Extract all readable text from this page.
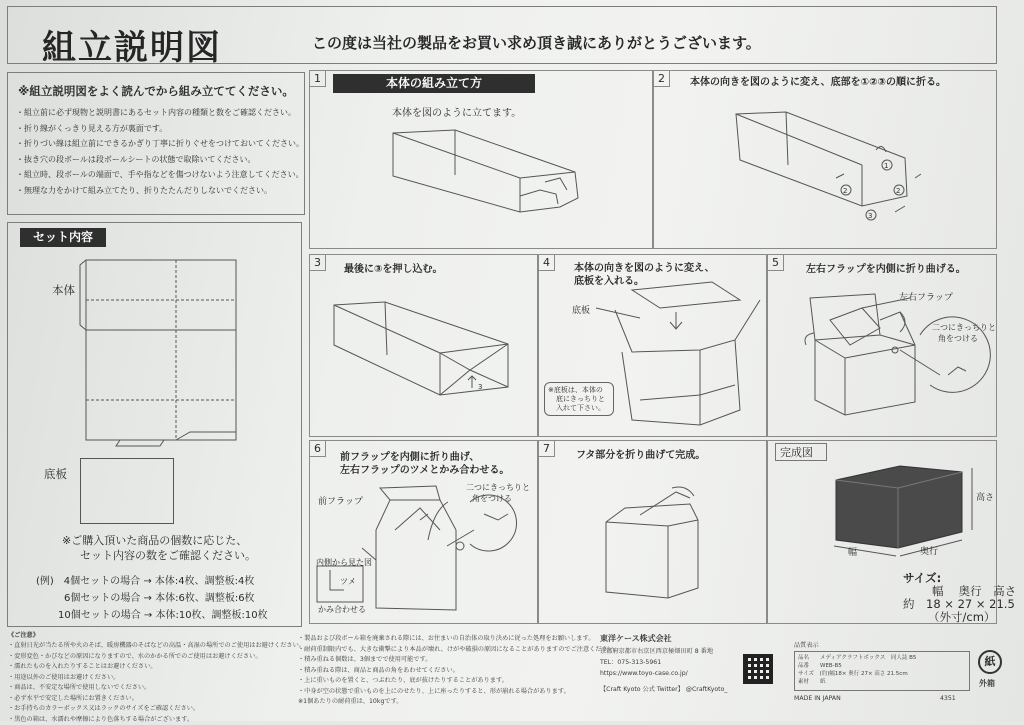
組立説明図	この度は当社の製品をお買い求め頂き誠にありがとうございます。
※組立説明図をよく読んでから組み立ててください。
・組立前に必ず現物と説明書にあるセット内容の種類と数をご確認ください。
・折り線がくっきり見える方が裏面です。
・折りづい線は組立前にできるかぎり丁寧に折りぐせをつけておいてください。
・抜き穴の段ボールは段ボールシートの状態で取除いてください。
・組立時、段ボールの端面で、手や指などを傷つけないよう注意してください。
・無理な力をかけて組み立てたり、折りたたんだりしないでください。
セット内容
本体
底板
※ご購入頂いた商品の個数に応じた、
セット内容の数をご確認ください。
(例)　4個セットの場合 → 本体:4枚、調整板:4枚
6個セットの場合 → 本体:6枚、調整板:6枚
10個セットの場合 → 本体:10枚、調整板:10枚
1	本体の組み立て方
本体を図のように立てます。
2	本体の向きを図のように変え、底部を①②③の順に折る。
1
2	2
3
3
最後に③を押し込む。
3
4	本体の向きを図のように変え、
底板を入れる。
底板
※底板は、本体の
底にきっちりと
入れて下さい。
5
左右フラップを内側に折り曲げる。
左右フラップ
二つにきっちりと
角をつける
6
前フラップを内側に折り曲げ、
左右フラップのツメとかみ合わせる。
前フラップ
二つにきっちりと
角をつける
内側から見た図
ツメ
かみ合わせる
7
フタ部分を折り曲げて完成。	完成図
高さ
幅	奥行
サイズ:
幅　 奥行　高さ
約　18 × 27 × 21.5
（外寸/cm）
《ご注意》
・直射日光が当たる所や火のそば、暖房機器のそばなどの高温・高湿の場所でのご使用はお避けください。
・変形変色・かびなどの原因になりますので、水のかかる所でのご使用はお避けください。
・濡れたものを入れたりすることはお避けください。
・用途以外のご使用はお避けください。
・商品は、不安定な場所で使用しないでください。
・必ず水平で安定した場所にお置きください。
・お手持ちのカラーボックス又はラックのサイズをご確認ください。
・黒色の箱は、水濡れや摩擦により色落ちする場合がございます。
・製品および段ボール箱を廃棄される際には、お住まいの自治体の取り決めに従った処理をお願いします。
・耐荷重制限内でも、大きな衝撃により本品が壊れ、けがや破損の原因になることがありますのでご注意ください。
・積み重ねる個数は、3個までで使用可能です。
・積み重ねる際は、商品と商品の角をあわせてください。
・上に重いものを置くと、つぶれたり、底が抜けたりすることがあります。
・中身が空の状態で重いものを上にのせたり、上に座ったりすると、形が崩れる場合があります。
※1個あたりの耐荷重は、10kgです。
東洋ケース株式会社
京都府京都市右京区西京極畑田町 8 番地
TEL：075-313-5961
https://www.toyo-case.co.jp/
【Craft Kyoto 公式 Twitter】 @CraftKyoto_
品質表示
品名　　メディアクラフトボックス　同人誌 B5
品番　　WEB-B5
サイズ　(約)幅18× 奥行 27× 高さ 21.5cm
素材　　紙
MADE IN JAPAN	4351
紙
外箱
